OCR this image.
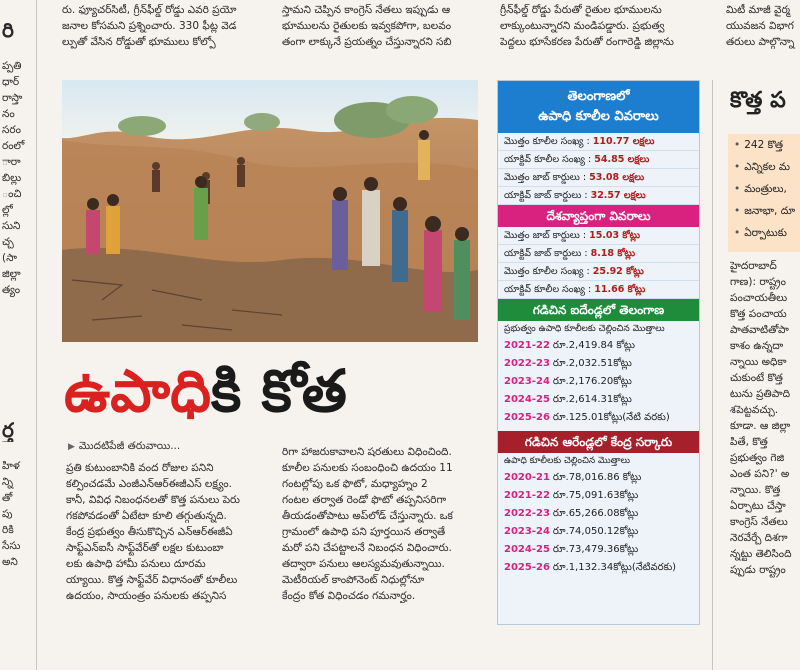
రి
ప్పతి
ధార్
రాస్తా
నం
సరం
రంలో
ారా
బిల్లు
ంచి
ల్లో
సుని
చ్చ
(సా
జిల్లా
త్యం
ర్త
హిళ
న్ని
తో
పు
రికి
సేసు
అని
రు. ఫ్యూచర్‌సిటీ, గ్రీన్‌ఫీల్డ్ రోడ్డు ఎవరి ప్రయో
జనాల కోసమని ప్రశ్నించారు. 330 ఫీట్ల వెడ
ల్పుతో వేసిన రోడ్డుతో భూములు కోల్పో
స్తామని చెప్పిన కాంగ్రెస్ నేతలు ఇప్పుడు ఆ
భూములను రైతులకు ఇవ్వకపోగా, బలవం
తంగా లాక్కునే ప్రయత్నం చేస్తున్నారని సబి
గ్రీన్‌ఫీల్డ్ రోడ్డు పేరుతో రైతుల భూములను
లాక్కుంటున్నారని మండిపడ్డారు. ప్రభుత్వ
పెద్దలు భూసేకరణ పేరుతో రంగారెడ్డి జిల్లాను
మిటీ మాజీ వైర్మ
యువజన విభాగ
తరులు పాల్గొన్నా
ఉపాధికి కోత
▶ మొదటిపేజీ తరువాయి...
ప్రతి కుటుంబానికి వంద రోజుల పనిని
కల్పించడమే ఎంజీఎన్ఆర్ఈజీఎస్ లక్ష్యం.
కానీ, వివిధ నిబంధనలతో కొత్త పనులు పెరు
గకపోవడంతో ఏటేటా కూలి తగ్గుతున్నది.
కేంద్ర ప్రభుత్వం తీసుకొచ్చిన ఎన్ఆర్ఈజీఏ
సాఫ్ట్‌ఎన్ఐసీ సాఫ్ట్‌వేర్‌తో లక్షల కుటుంబా
లకు ఉపాధి హామీ పనులు దూరమ
య్యాయి. కొత్త సాఫ్ట్‌వేర్ విధానంతో కూలీలు
ఉదయం, సాయంత్రం పనులకు తప్పనిస
రిగా హాజరుకావాలని షరతులు విధించింది.
కూలీల పనులకు సంబంధించి ఉదయం 11
గంటల్లోపు ఒక ఫొటో, మధ్యాహ్నం 2
గంటల తర్వాత రెండో ఫొటో తప్పనిసరిగా
తీయడంతోపాటు అప్‌లోడ్ చేస్తున్నారు. ఒక
గ్రామంలో ఉపాధి పని పూర్తయిన తర్వాతే
మరో పని చేపట్టాలనే నిబంధన విధించారు.
తద్వారా పనులు ఆలస్యమవుతున్నాయి.
మెటీరియల్ కాంపోనెంట్ నిధుల్లోనూ
కేంద్రం కోత విధించడం గమనార్హం.
తెలంగాణలో
ఉపాధి కూలీల వివరాలు
మొత్తం కూలీల సంఖ్య : 110.77 లక్షలు
యాక్టివ్ కూలీల సంఖ్య : 54.85 లక్షలు
మొత్తం జాబ్ కార్డులు : 53.08 లక్షలు
యాక్టివ్ జాబ్ కార్డులు : 32.57 లక్షలు
దేశవ్యాప్తంగా వివరాలు
మొత్తం జాబ్ కార్డులు : 15.03 కోట్లు
యాక్టివ్ జాబ్ కార్డులు : 8.18 కోట్లు
మొత్తం కూలీల సంఖ్య : 25.92 కోట్లు
యాక్టివ్ కూలీల సంఖ్య : 11.66 కోట్లు
గడిచిన ఐదేండ్లలో తెలంగాణ
ప్రభుత్వం ఉపాధి కూలీలకు చెల్లించిన మొత్తాలు
2021-22 రూ.2,419.84 కోట్లు
2022-23 రూ.2,032.51కోట్లు
2023-24 రూ.2,176.20కోట్లు
2024-25 రూ.2,614.31కోట్లు
2025-26 రూ.125.01కోట్లు(నేటి వరకు)
గడిచిన ఆరేండ్లలో కేంద్ర సర్కారు
ఉపాధి కూలీలకు చెల్లించిన మొత్తాలు
2020-21 రూ.78,016.86 కోట్లు
2021-22 రూ.75,091.63కోట్లు
2022-23 రూ.65,266.08కోట్లు
2023-24 రూ.74,050.12కోట్లు
2024-25 రూ.73,479.36కోట్లు
2025-26 రూ.1,132.34కోట్లు(నేటివరకు)
కొత్త ప
• 242 కొత్త
• ఎన్నికల మ
• మంత్రులు,
• జనాభా, దూ
• ఏర్పాటుకు
హైదరాబాద్
గాణ): రాష్ట్రం
పంచాయతీలు
కొత్త పంచాయ
పాతవాటితోపా
కాశం ఉన్నదా
న్నాయి అధికా
చుకుంటే కొత్త
టును ప్రతిపాది
శపెట్టవచ్చు.
కూడా. ఆ జిల్లా
పితే, కొత్త
ప్రభుత్వం గెజి
ఎంత పని?' అ
న్నాయి. కొత్త
ఏర్పాటు చేస్తా
కాంగ్రెస్ నేతలు
నెరవేర్చే దిశగా
న్నట్టు తెలిసింది
ప్పుడు రాష్ట్రం
